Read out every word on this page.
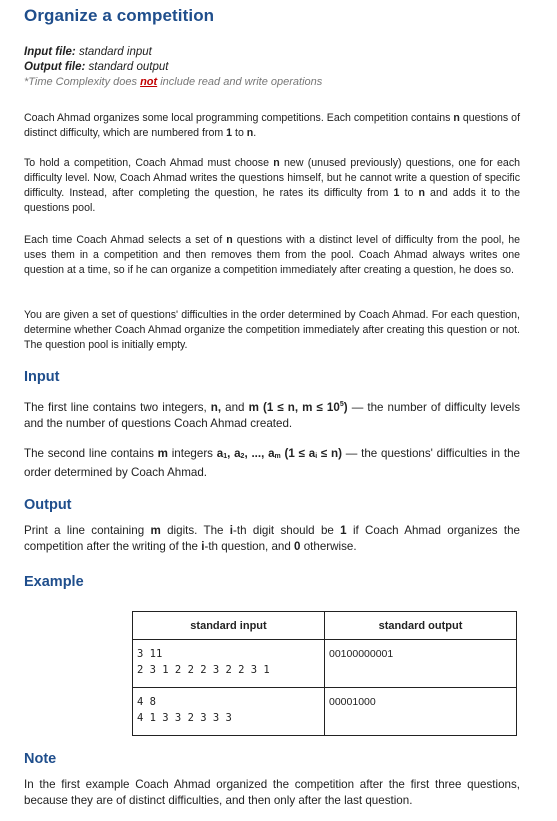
Organize a competition
Input file: standard input
Output file: standard output
*Time Complexity does not include read and write operations

Coach Ahmad organizes some local programming competitions. Each competition contains n questions of distinct difficulty, which are numbered from 1 to n.

To hold a competition, Coach Ahmad must choose n new (unused previously) questions, one for each difficulty level. Now, Coach Ahmad writes the questions himself, but he cannot write a question of specific difficulty. Instead, after completing the question, he rates its difficulty from 1 to n and adds it to the questions pool.

Each time Coach Ahmad selects a set of n questions with a distinct level of difficulty from the pool, he uses them in a competition and then removes them from the pool. Coach Ahmad always writes one question at a time, so if he can organize a competition immediately after creating a question, he does so.

You are given a set of questions' difficulties in the order determined by Coach Ahmad. For each question, determine whether Coach Ahmad organize the competition immediately after creating this question or not. The question pool is initially empty.

Input

The first line contains two integers, n, and m (1 ≤ n, $m \le 10^5$) — the number of difficulty levels and the number of questions Coach Ahmad created.

The second line contains m integers a1, a2, ..., am (1 ≤ ai ≤ n) — the questions' difficulties in the order determined by Coach Ahmad.

Output

Print a line containing m digits. The i-th digit should be 1 if Coach Ahmad organizes the competition after the writing of the i-th question, and 0 otherwise.

Example
standard input	standard output

3 11
2 3 1 2 2 2 3 2 2 3 1	00100000001

4 8
4 1 3 3 2 3 3 3	00001000
Note

In the first example Coach Ahmad organized the competition after the first three questions, because they are of distinct difficulties, and then only after the last question.
